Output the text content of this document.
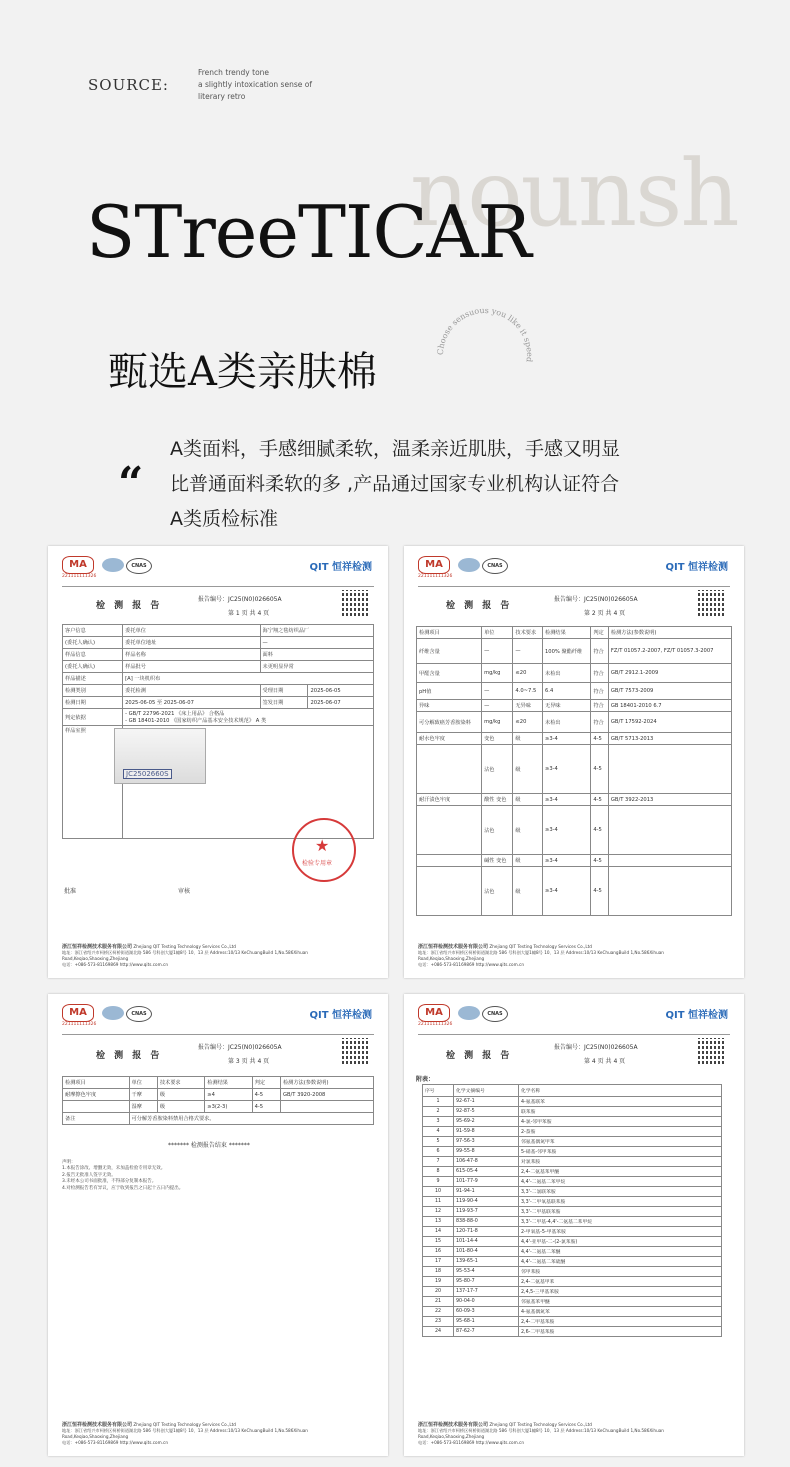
SOURCE:
French trendy tone
a slightly intoxication sense of
literary retro
nounsh
STreeTICAR
甄选A类亲肤棉	Choose sensuous you like it speed
“
A类面料，手感细腻柔软，温柔亲近肌肤，手感又明显
比普通面料柔软的多 ,产品通过国家专业机构认证符合
A类质检标准
MA
221111111326
CNAS	QIT 恒祥检测
检 测 报 告
报告编号：JC25(N0)026605A
第 1 页 共 4 页
客户信息	委托单位	海宁翔之毯纺织品厂	
(委托人确认)	委托单位地址	—	
样品信息	样品名称	面料	
(委托人确认)	样品批号	未更明显异常	
样品描述	[A] 一块机织布		
检测类别	委托检测	受理日期	2025-06-05
检测日期	2025-06-05 至 2025-06-07	签发日期	2025-06-07
判定依据	- GB/T 22796-2021 《床上用品》 合格品
- GB 18401-2010 《国家纺织产品基本安全技术规范》 A 类		

样品室照			
JC2502660S
★
检验专用章
批准	审核
浙江恒祥检测技术服务有限公司 Zhejiang QIT Testing Technology Services Co.,Ltd
地址：浙江省绍兴市柯桥区柯桥街道湖北路 586 号科创大厦1幢8号 10、13 层 Address:10/13 KeChuangBuild 1,No.586Xihuan Road,Keqiao,Shaoxing,Zhejiang
电话：+086-573-81169869 http://www.qits.com.cn
MA
221111111326
CNAS	QIT 恒祥检测
检 测 报 告
报告编号：JC25(N0)026605A
第 2 页 共 4 页
检测项目	单位	技术要求	检测结果	判定	检测方法(参数说明)
纤维含量	—	—	100% 聚酯纤维	符合	FZ/T 01057.2-2007, FZ/T 01057.3-2007
甲醛含量	mg/kg	≤20	未检出	符合	GB/T 2912.1-2009
pH值	—	4.0~7.5	6.4	符合	GB/T 7573-2009
异味	—	无异味	无异味	符合	GB 18401-2010 6.7
可分解致癌芳香胺染料	mg/kg	≤20	未检出	符合	GB/T 17592-2024
耐水色牢度	变色	级	≥3-4	4-5	GB/T 5713-2013
	沾色	级	≥3-4	4-5	
耐汗渍色牢度	酸性 变色	级	≥3-4	4-5	GB/T 3922-2013
	沾色	级	≥3-4	4-5	
	碱性 变色	级	≥3-4	4-5	
	沾色	级	≥3-4	4-5	
浙江恒祥检测技术服务有限公司 Zhejiang QIT Testing Technology Services Co.,Ltd
地址：浙江省绍兴市柯桥区柯桥街道湖北路 586 号科创大厦1幢8号 10、13 层 Address:10/13 KeChuangBuild 1,No.586Xihuan Road,Keqiao,Shaoxing,Zhejiang
电话：+086-573-81169869 http://www.qits.com.cn
MA
221111111326
CNAS	QIT 恒祥检测
检 测 报 告
报告编号：JC25(N0)026605A
第 3 页 共 4 页
检测项目	单位	技术要求	检测结果	判定	检测方法(参数说明)
耐摩擦色牢度	干摩	级	≥4	4-5	GB/T 3920-2008
	湿摩	级	≥3(2-3)	4-5	
备注	可分解芳香胺染料禁用合格式要求。				
******* 检测报告结束 *******
声明：
1.本报告涂改、增删无效，未加盖检验专用章无效。
2.报告无批准人签字无效。
3.未经本公司书面批准，不得部分复制本报告。
4.对检测报告若有异议，应于收到报告之日起十五日内提出。
浙江恒祥检测技术服务有限公司 Zhejiang QIT Testing Technology Services Co.,Ltd
地址：浙江省绍兴市柯桥区柯桥街道湖北路 586 号科创大厦1幢8号 10、13 层 Address:10/13 KeChuangBuild 1,No.586Xihuan Road,Keqiao,Shaoxing,Zhejiang
电话：+086-573-81169869 http://www.qits.com.cn
MA
221111111326
CNAS	QIT 恒祥检测
检 测 报 告
报告编号：JC25(N0)026605A
第 4 页 共 4 页
附表：
序号	化学文摘编号	化学名称
1	92-67-1	4-氨基联苯
2	92-87-5	联苯胺
3	95-69-2	4-氯-邻甲苯胺
4	91-59-8	2-萘胺
5	97-56-3	邻氨基偶氮甲苯
6	99-55-8	5-硝基-邻甲苯胺
7	106-47-8	对氯苯胺
8	615-05-4	2,4-二氨基苯甲醚
9	101-77-9	4,4'-二氨基二苯甲烷
10	91-94-1	3,3'-二氯联苯胺
11	119-90-4	3,3'-二甲氧基联苯胺
12	119-93-7	3,3'-二甲基联苯胺
13	838-88-0	3,3'-二甲基-4,4'-二氨基二苯甲烷
14	120-71-8	2-甲氧基-5-甲基苯胺
15	101-14-4	4,4'-亚甲基-二-(2-氯苯胺)
16	101-80-4	4,4'-二氨基二苯醚
17	139-65-1	4,4'-二氨基二苯硫醚
18	95-53-4	邻甲苯胺
19	95-80-7	2,4-二氨基甲苯
20	137-17-7	2,4,5-三甲基苯胺
21	90-04-0	邻氨基苯甲醚
22	60-09-3	4-氨基偶氮苯
23	95-68-1	2,4-二甲基苯胺
24	87-62-7	2,6-二甲基苯胺
浙江恒祥检测技术服务有限公司 Zhejiang QIT Testing Technology Services Co.,Ltd
地址：浙江省绍兴市柯桥区柯桥街道湖北路 586 号科创大厦1幢8号 10、13 层 Address:10/13 KeChuangBuild 1,No.586Xihuan Road,Keqiao,Shaoxing,Zhejiang
电话：+086-573-81169869 http://www.qits.com.cn
